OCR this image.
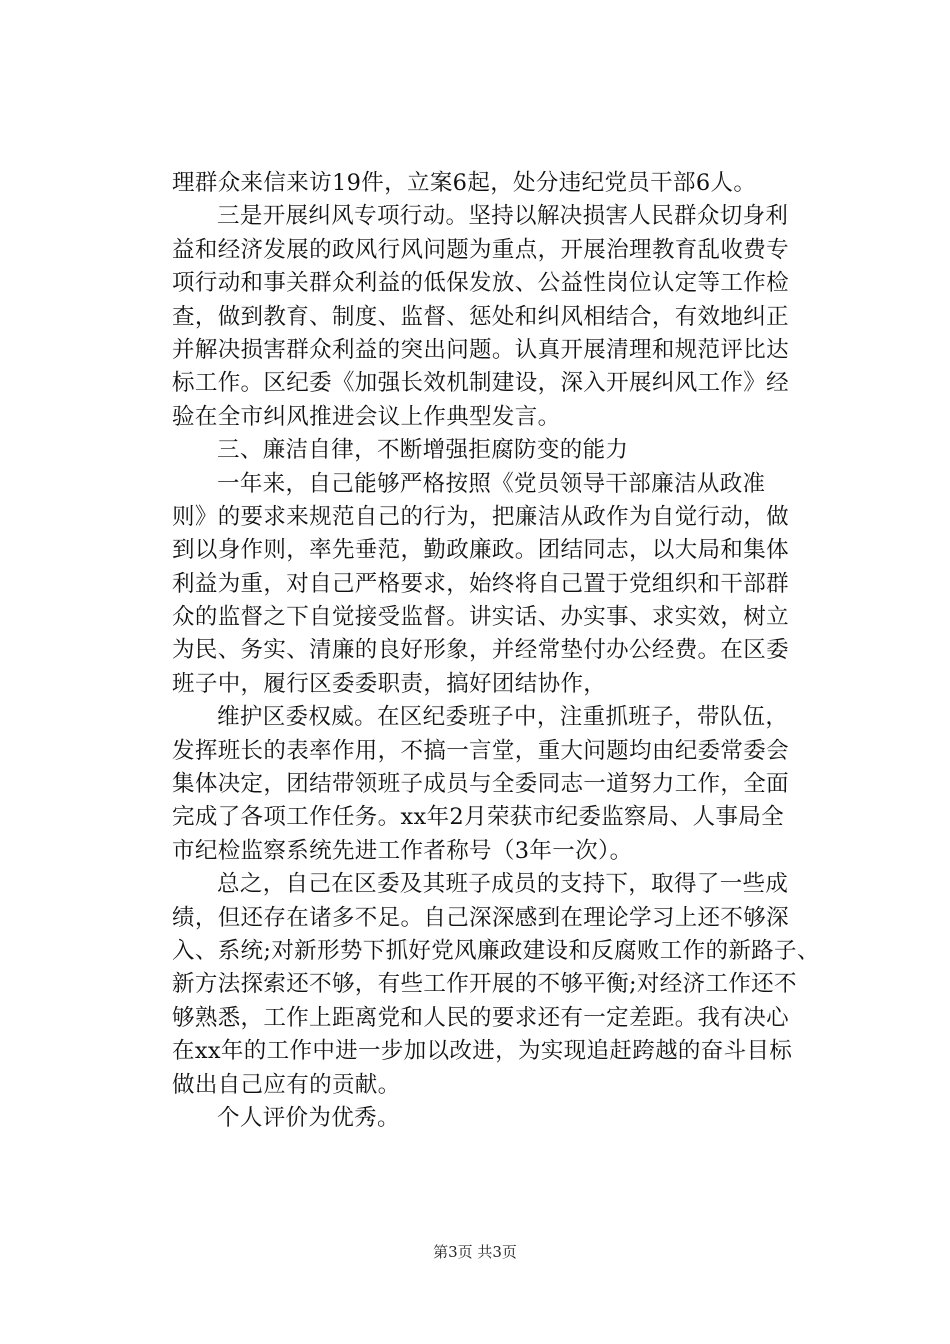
理群众来信来访19件，立案6起，处分违纪党员干部6人。
三是开展纠风专项行动。坚持以解决损害人民群众切身利
益和经济发展的政风行风问题为重点，开展治理教育乱收费专
项行动和事关群众利益的低保发放、公益性岗位认定等工作检
查，做到教育、制度、监督、惩处和纠风相结合，有效地纠正
并解决损害群众利益的突出问题。认真开展清理和规范评比达
标工作。区纪委《加强长效机制建设，深入开展纠风工作》经
验在全市纠风推进会议上作典型发言。
三、廉洁自律，不断增强拒腐防变的能力
一年来，自己能够严格按照《党员领导干部廉洁从政准
则》的要求来规范自己的行为，把廉洁从政作为自觉行动，做
到以身作则，率先垂范，勤政廉政。团结同志，以大局和集体
利益为重，对自己严格要求，始终将自己置于党组织和干部群
众的监督之下自觉接受监督。讲实话、办实事、求实效，树立
为民、务实、清廉的良好形象，并经常垫付办公经费。在区委
班子中，履行区委委职责，搞好团结协作，
维护区委权威。在区纪委班子中，注重抓班子，带队伍，
发挥班长的表率作用，不搞一言堂，重大问题均由纪委常委会
集体决定，团结带领班子成员与全委同志一道努力工作，全面
完成了各项工作任务。xx年2月荣获市纪委监察局、人事局全
市纪检监察系统先进工作者称号（3年一次）。
总之，自己在区委及其班子成员的支持下，取得了一些成
绩，但还存在诸多不足。自己深深感到在理论学习上还不够深
入、系统;对新形势下抓好党风廉政建设和反腐败工作的新路子、
新方法探索还不够，有些工作开展的不够平衡;对经济工作还不
够熟悉，工作上距离党和人民的要求还有一定差距。我有决心
在xx年的工作中进一步加以改进，为实现追赶跨越的奋斗目标
做出自己应有的贡献。
个人评价为优秀。
第3页 共3页
